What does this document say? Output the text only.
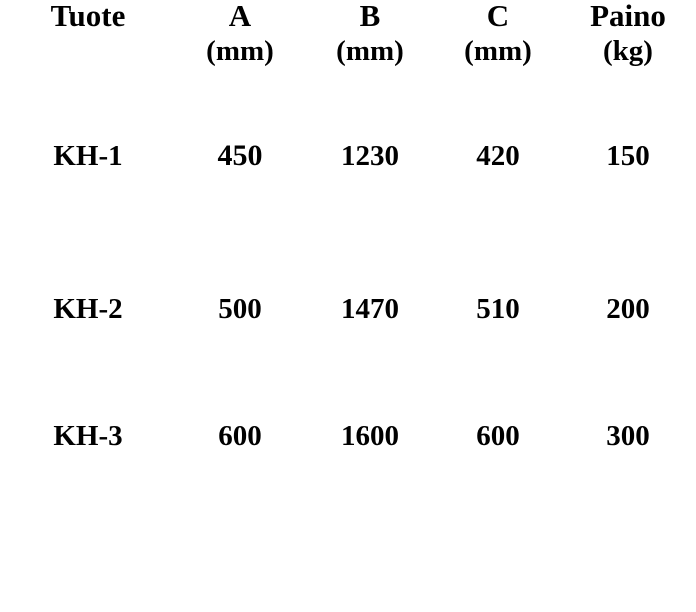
Tuote	A	B	C	Paino

	(mm)	(mm)	(mm)	(kg)

KH-1	450	1230	420	150

KH-2	500	1470	510	200

KH-3	600	1600	600	300
